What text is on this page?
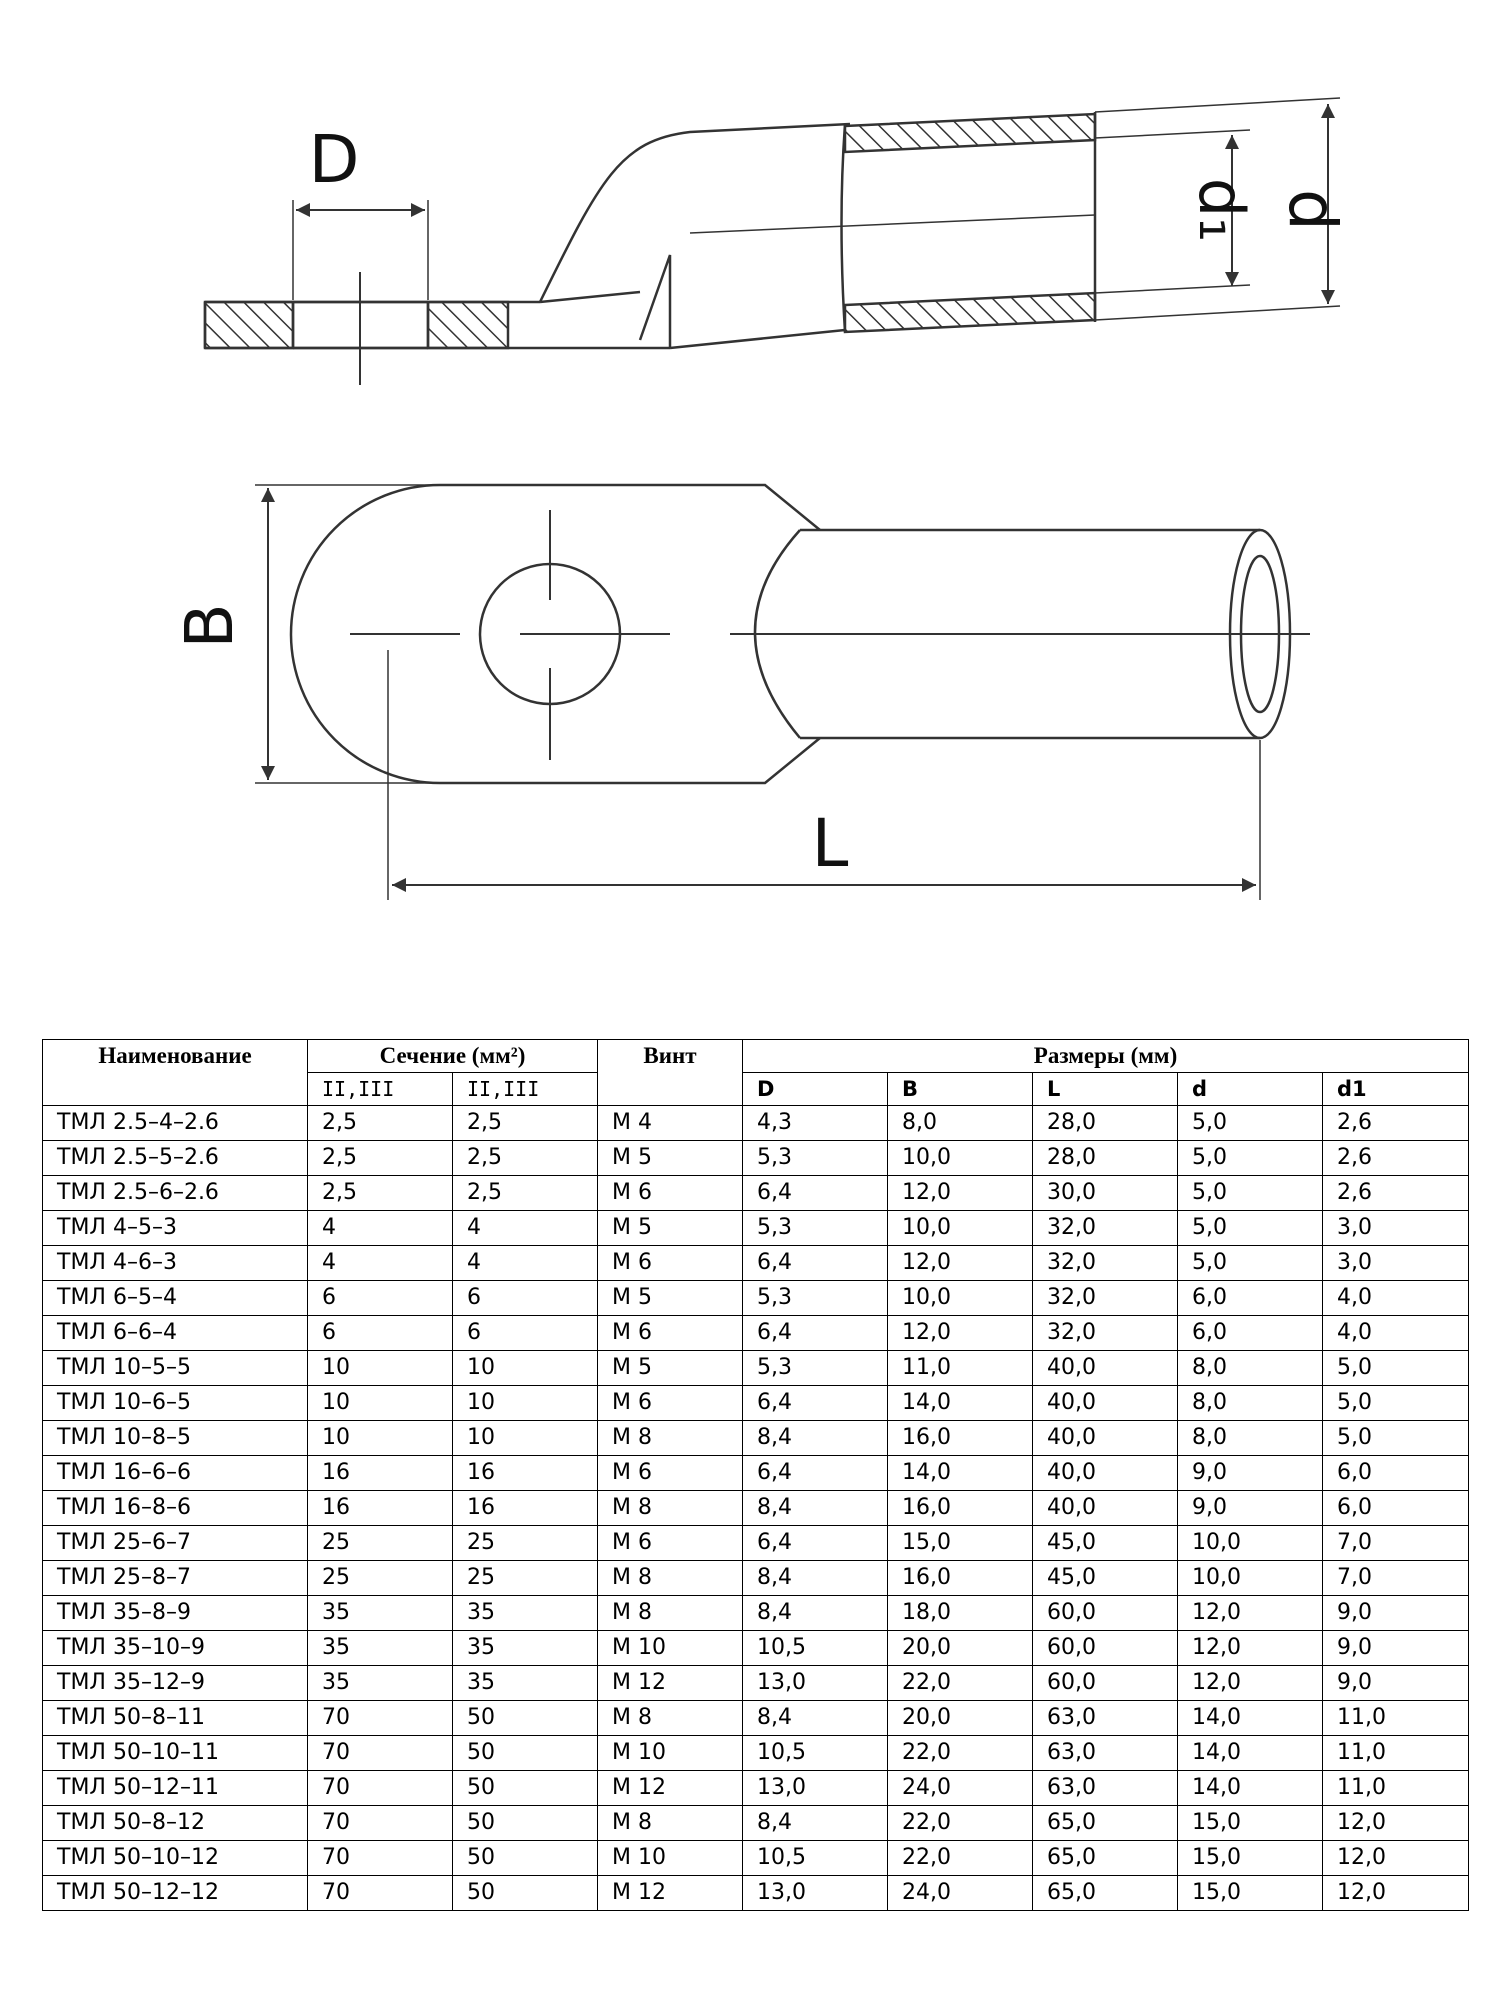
D
d₁ d
B
L
Наименование	Сечение (мм²)		Винт	Размеры (мм)				
	II,III	II,III		D	B	L	d	d1
ТМЛ 2.5–4–2.6	2,5	2,5	М 4	4,3	8,0	28,0	5,0	2,6
ТМЛ 2.5–5–2.6	2,5	2,5	М 5	5,3	10,0	28,0	5,0	2,6
ТМЛ 2.5–6–2.6	2,5	2,5	М 6	6,4	12,0	30,0	5,0	2,6
ТМЛ 4–5–3	4	4	М 5	5,3	10,0	32,0	5,0	3,0
ТМЛ 4–6–3	4	4	М 6	6,4	12,0	32,0	5,0	3,0
ТМЛ 6–5–4	6	6	М 5	5,3	10,0	32,0	6,0	4,0
ТМЛ 6–6–4	6	6	М 6	6,4	12,0	32,0	6,0	4,0
ТМЛ 10–5–5	10	10	М 5	5,3	11,0	40,0	8,0	5,0
ТМЛ 10–6–5	10	10	М 6	6,4	14,0	40,0	8,0	5,0
ТМЛ 10–8–5	10	10	М 8	8,4	16,0	40,0	8,0	5,0
ТМЛ 16–6–6	16	16	М 6	6,4	14,0	40,0	9,0	6,0
ТМЛ 16–8–6	16	16	М 8	8,4	16,0	40,0	9,0	6,0
ТМЛ 25–6–7	25	25	М 6	6,4	15,0	45,0	10,0	7,0
ТМЛ 25–8–7	25	25	М 8	8,4	16,0	45,0	10,0	7,0
ТМЛ 35–8–9	35	35	М 8	8,4	18,0	60,0	12,0	9,0
ТМЛ 35–10–9	35	35	М 10	10,5	20,0	60,0	12,0	9,0
ТМЛ 35–12–9	35	35	М 12	13,0	22,0	60,0	12,0	9,0
ТМЛ 50–8–11	70	50	М 8	8,4	20,0	63,0	14,0	11,0
ТМЛ 50–10–11	70	50	М 10	10,5	22,0	63,0	14,0	11,0
ТМЛ 50–12–11	70	50	М 12	13,0	24,0	63,0	14,0	11,0
ТМЛ 50–8–12	70	50	М 8	8,4	22,0	65,0	15,0	12,0
ТМЛ 50–10–12	70	50	М 10	10,5	22,0	65,0	15,0	12,0
ТМЛ 50–12–12	70	50	М 12	13,0	24,0	65,0	15,0	12,0
